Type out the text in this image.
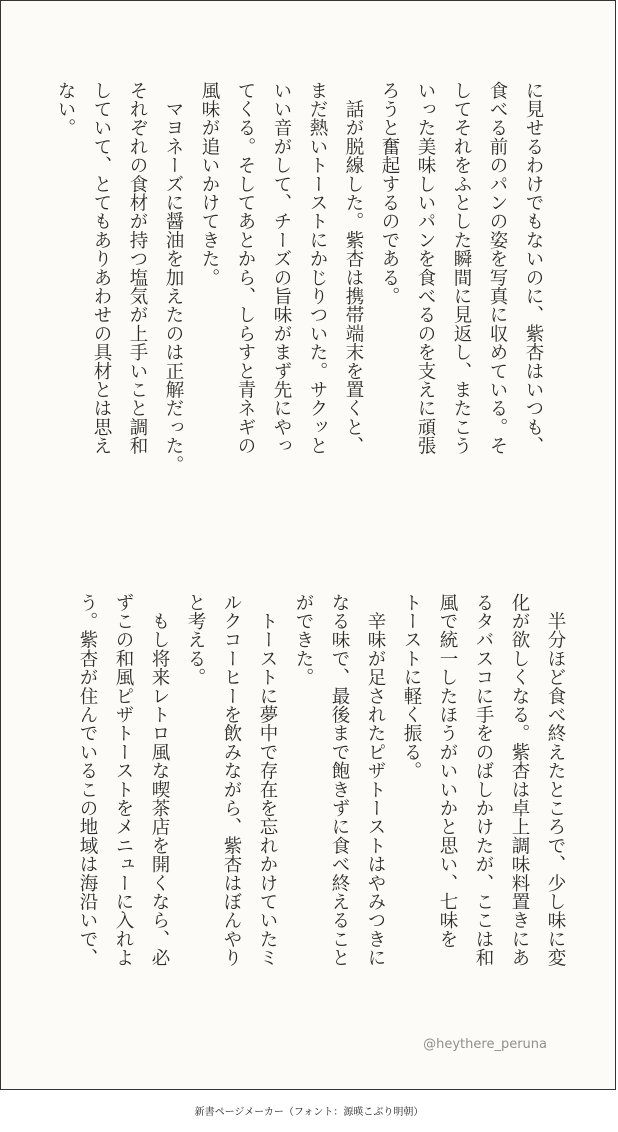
に見せるわけでもないのに、紫杏はいつも、
食べる前のパンの姿を写真に収めている。そ
してそれをふとした瞬間に見返し、またこう
いった美味しいパンを食べるのを支えに頑張
ろうと奮起するのである。
　話が脱線した。紫杏は携帯端末を置くと、
まだ熱いトーストにかじりついた。サクッと
いい音がして、チーズの旨味がまず先にやっ
てくる。そしてあとから、しらすと青ネギの
風味が追いかけてきた。
　マヨネーズに醤油を加えたのは正解だった。
それぞれの食材が持つ塩気が上手いこと調和
していて、とてもありあわせの具材とは思え
ない。
　半分ほど食べ終えたところで、少し味に変
化が欲しくなる。紫杏は卓上調味料置きにあ
るタバスコに手をのばしかけたが、ここは和
風で統一したほうがいいかと思い、七味を
トーストに軽く振る。
　辛味が足されたピザトーストはやみつきに
なる味で、最後まで飽きずに食べ終えること
ができた。
　トーストに夢中で存在を忘れかけていたミ
ルクコーヒーを飲みながら、紫杏はぼんやり
と考える。
　もし将来レトロ風な喫茶店を開くなら、必
ずこの和風ピザトーストをメニューに入れよ
う。紫杏が住んでいるこの地域は海沿いで、
@heythere_peruna
新書ページメーカー（フォント：源暎こぶり明朝）
